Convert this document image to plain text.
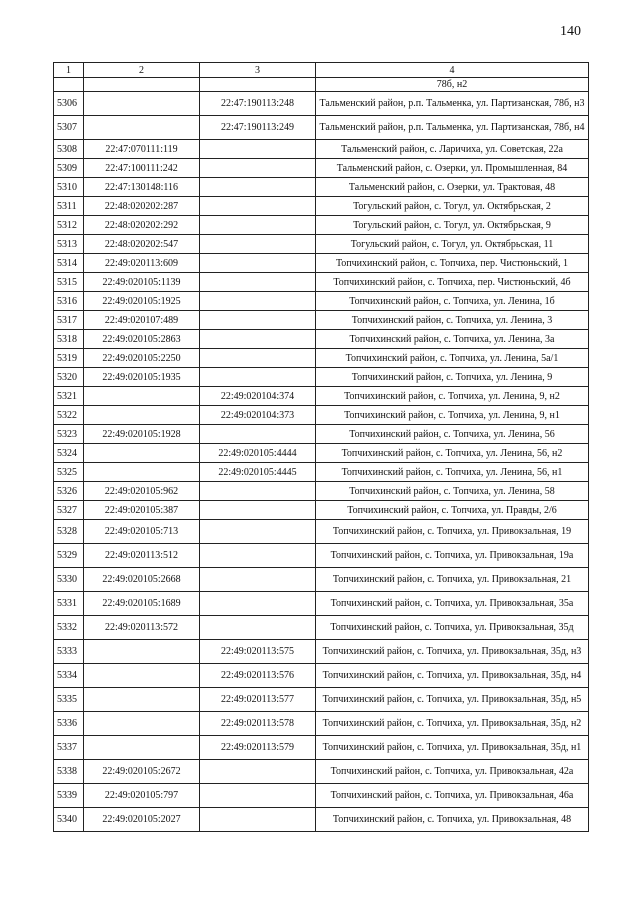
140
1	2	3	4
			78б, н2
5306		22:47:190113:248	Тальменский район, р.п. Тальменка, ул. Партизанская, 78б, н3
5307		22:47:190113:249	Тальменский район, р.п. Тальменка, ул. Партизанская, 78б, н4
5308	22:47:070111:119		Тальменский район, с. Ларичиха, ул. Советская, 22а
5309	22:47:100111:242		Тальменский район, с. Озерки, ул. Промышленная, 84
5310	22:47:130148:116		Тальменский район, с. Озерки, ул. Трактовая, 48
5311	22:48:020202:287		Тогульский район, с. Тогул, ул. Октябрьская, 2
5312	22:48:020202:292		Тогульский район, с. Тогул, ул. Октябрьская, 9
5313	22:48:020202:547		Тогульский район, с. Тогул, ул. Октябрьская, 11
5314	22:49:020113:609		Топчихинский район, с. Топчиха, пер. Чистюньский, 1
5315	22:49:020105:1139		Топчихинский район, с. Топчиха, пер. Чистюньский, 4б
5316	22:49:020105:1925		Топчихинский район, с. Топчиха, ул. Ленина, 1б
5317	22:49:020107:489		Топчихинский район, с. Топчиха, ул. Ленина, 3
5318	22:49:020105:2863		Топчихинский район, с. Топчиха, ул. Ленина, 3а
5319	22:49:020105:2250		Топчихинский район, с. Топчиха, ул. Ленина, 5а/1
5320	22:49:020105:1935		Топчихинский район, с. Топчиха, ул. Ленина, 9
5321		22:49:020104:374	Топчихинский район, с. Топчиха, ул. Ленина, 9, н2
5322		22:49:020104:373	Топчихинский район, с. Топчиха, ул. Ленина, 9, н1
5323	22:49:020105:1928		Топчихинский район, с. Топчиха, ул. Ленина, 56
5324		22:49:020105:4444	Топчихинский район, с. Топчиха, ул. Ленина, 56, н2
5325		22:49:020105:4445	Топчихинский район, с. Топчиха, ул. Ленина, 56, н1
5326	22:49:020105:962		Топчихинский район, с. Топчиха, ул. Ленина, 58
5327	22:49:020105:387		Топчихинский район, с. Топчиха, ул. Правды, 2/6
5328	22:49:020105:713		Топчихинский район, с. Топчиха, ул. Привокзальная, 19
5329	22:49:020113:512		Топчихинский район, с. Топчиха, ул. Привокзальная, 19а
5330	22:49:020105:2668		Топчихинский район, с. Топчиха, ул. Привокзальная, 21
5331	22:49:020105:1689		Топчихинский район, с. Топчиха, ул. Привокзальная, 35а
5332	22:49:020113:572		Топчихинский район, с. Топчиха, ул. Привокзальная, 35д
5333		22:49:020113:575	Топчихинский район, с. Топчиха, ул. Привокзальная, 35д, н3
5334		22:49:020113:576	Топчихинский район, с. Топчиха, ул. Привокзальная, 35д, н4
5335		22:49:020113:577	Топчихинский район, с. Топчиха, ул. Привокзальная, 35д, н5
5336		22:49:020113:578	Топчихинский район, с. Топчиха, ул. Привокзальная, 35д, н2
5337		22:49:020113:579	Топчихинский район, с. Топчиха, ул. Привокзальная, 35д, н1
5338	22:49:020105:2672		Топчихинский район, с. Топчиха, ул. Привокзальная, 42а
5339	22:49:020105:797		Топчихинский район, с. Топчиха, ул. Привокзальная, 46а
5340	22:49:020105:2027		Топчихинский район, с. Топчиха, ул. Привокзальная, 48
